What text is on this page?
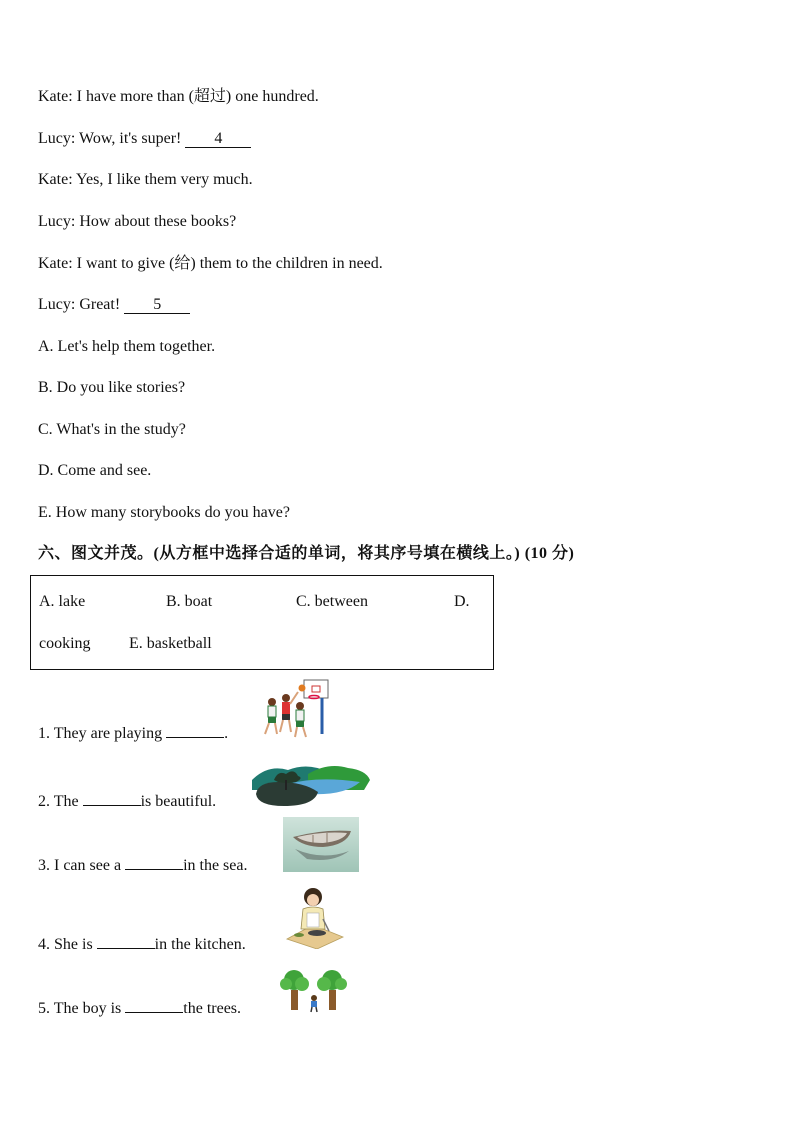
Kate: I have more than (超过) one hundred.
Lucy: Wow, it's super! 4
Kate: Yes, I like them very much.
Lucy: How about these books?
Kate: I want to give (给) them to the children in need.
Lucy: Great! 5
A. Let's help them together.
B. Do you like stories?
C. What's in the study?
D. Come and see.
E. How many storybooks do you have?
六、图文并茂。(从方框中选择合适的单词，将其序号填在横线上。) (10 分)
A. lake	B. boat	C. between	D.
cooking E. basketball
1. They are playing	.
2. The	is beautiful.
3. I can see a	in the sea.
4. She is	in the kitchen.
5. The boy is	the trees.
